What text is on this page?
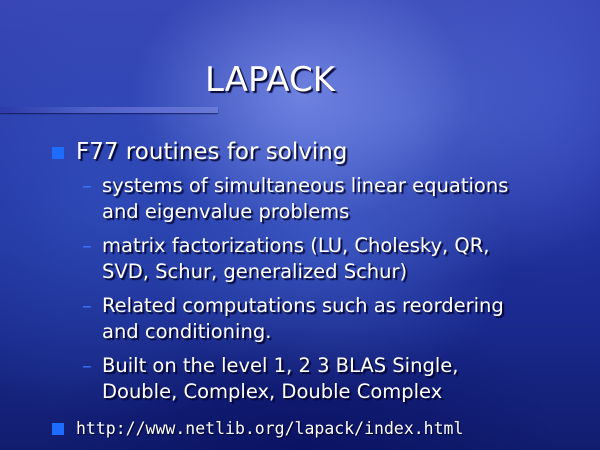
LAPACK
F77 routines for solving
– systems of simultaneous linear equations
and eigenvalue problems
– matrix factorizations (LU, Cholesky, QR,
SVD, Schur, generalized Schur)
– Related computations such as reordering
and conditioning.
– Built on the level 1, 2 3 BLAS Single,
Double, Complex, Double Complex
http://www.netlib.org/lapack/index.html
